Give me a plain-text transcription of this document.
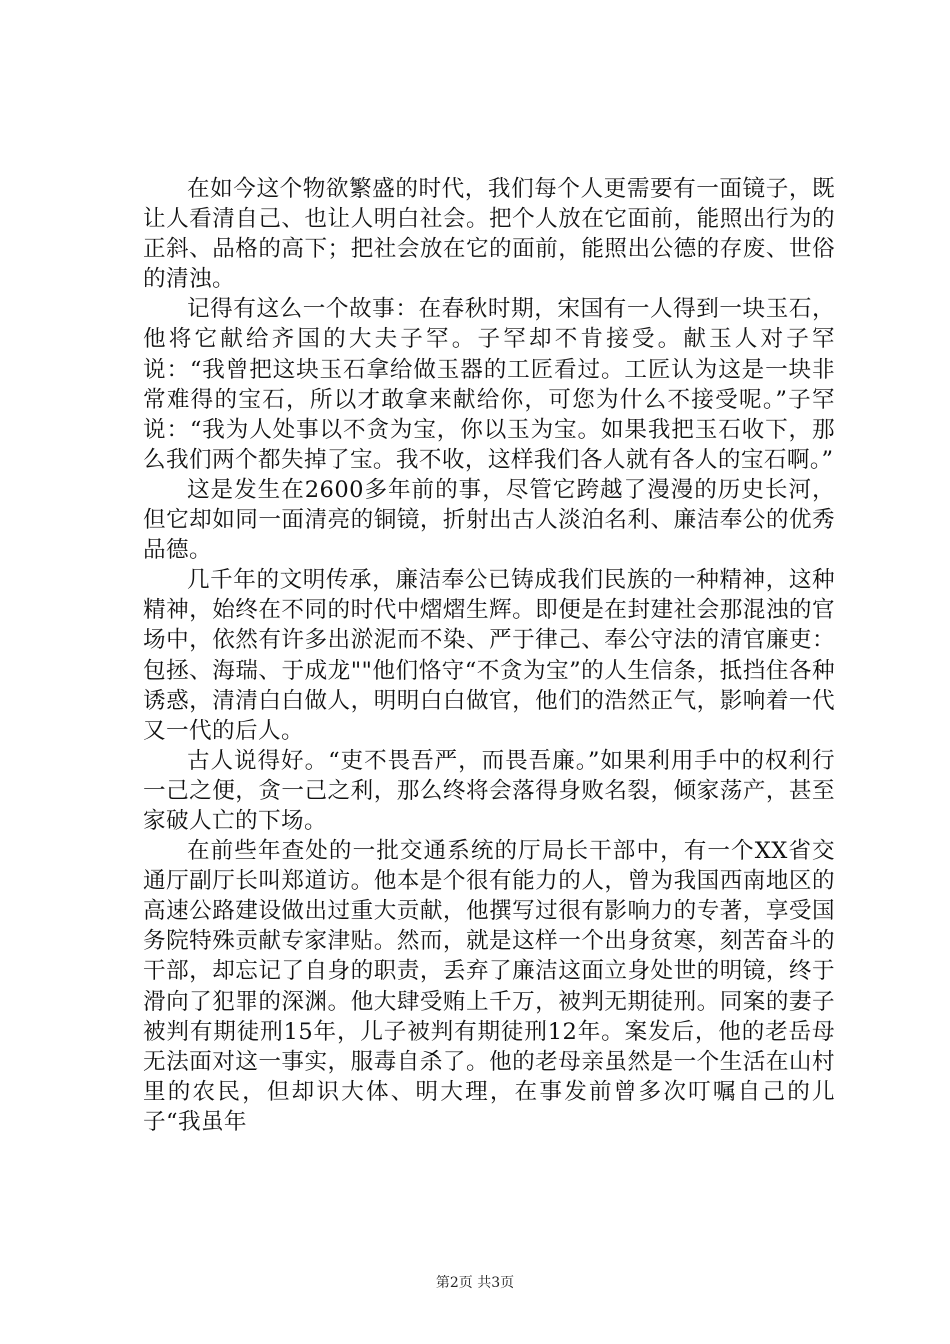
在如今这个物欲繁盛的时代，我们每个人更需要有一面镜子，既让人看清自己、也让人明白社会。把个人放在它面前，能照出行为的正斜、品格的高下；把社会放在它的面前，能照出公德的存废、世俗的清浊。

记得有这么一个故事：在春秋时期，宋国有一人得到一块玉石，他将它献给齐国的大夫子罕。子罕却不肯接受。献玉人对子罕说：“我曾把这块玉石拿给做玉器的工匠看过。工匠认为这是一块非常难得的宝石，所以才敢拿来献给你，可您为什么不接受呢。”子罕说：“我为人处事以不贪为宝，你以玉为宝。如果我把玉石收下，那么我们两个都失掉了宝。我不收，这样我们各人就有各人的宝石啊。”

这是发生在2600多年前的事，尽管它跨越了漫漫的历史长河，但它却如同一面清亮的铜镜，折射出古人淡泊名利、廉洁奉公的优秀品德。

几千年的文明传承，廉洁奉公已铸成我们民族的一种精神，这种精神，始终在不同的时代中熠熠生辉。即便是在封建社会那混浊的官场中，依然有许多出淤泥而不染、严于律己、奉公守法的清官廉吏：包拯、海瑞、于成龙""他们恪守“不贪为宝”的人生信条，抵挡住各种诱惑，清清白白做人，明明白白做官，他们的浩然正气，影响着一代又一代的后人。

古人说得好。“吏不畏吾严，而畏吾廉。”如果利用手中的权利行一己之便，贪一己之利，那么终将会落得身败名裂，倾家荡产，甚至家破人亡的下场。

在前些年查处的一批交通系统的厅局长干部中，有一个XX省交通厅副厅长叫郑道访。他本是个很有能力的人，曾为我国西南地区的高速公路建设做出过重大贡献，他撰写过很有影响力的专著，享受国务院特殊贡献专家津贴。然而，就是这样一个出身贫寒，刻苦奋斗的干部，却忘记了自身的职责，丢弃了廉洁这面立身处世的明镜，终于滑向了犯罪的深渊。他大肆受贿上千万，被判无期徒刑。同案的妻子被判有期徒刑15年，儿子被判有期徒刑12年。案发后，他的老岳母无法面对这一事实，服毒自杀了。他的老母亲虽然是一个生活在山村里的农民，但却识大体、明大理，在事发前曾多次叮嘱自己的儿子“我虽年

第2页 共3页
